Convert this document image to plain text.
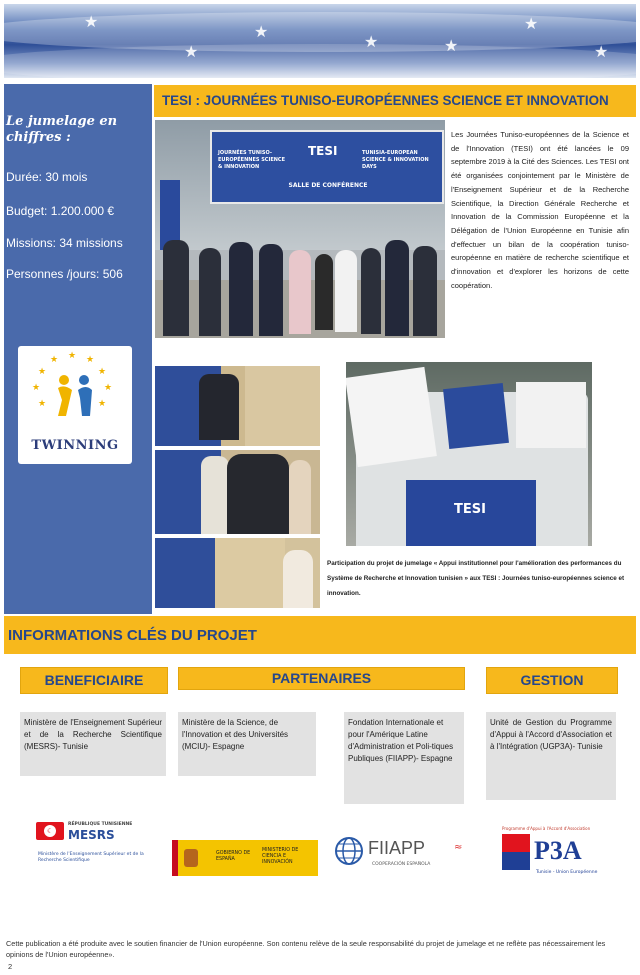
★
★
★
★	★
★
★
Le jumelage en chiffres :
Durée: 30 mois
Budget: 1.200.000 €
Missions: 34 missions
Personnes /jours: 506
★
★
★ ★ ★
★
★
★
★
TWINNING
TESI : JOURNÉES TUNISO-EUROPÉENNES SCIENCE ET INNOVATION
JOURNÉES TUNISO-EUROPÉENNES SCIENCE & INNOVATION
TESI	TUNISIA-EUROPEAN SCIENCE & INNOVATION DAYS
SALLE DE CONFÉRENCE
Les Journées Tuniso-européennes de la Science et de l'Innovation (TESI) ont été lancées le 09 septembre 2019 à la Cité des Sciences. Les TESI ont été organisées conjointement par le Ministère de l'Enseignement Supérieur et de la Recherche Scientifique, la Direction Générale Recherche et Innovation de la Commission Européenne et la Délégation de l'Union Européenne en Tunisie afin d'effectuer un bilan de la coopération tuniso-européenne en matière de recherche scientifique et d'innovation et d'explorer les horizons de cette coopération.
TESI
Participation du projet de jumelage « Appui institutionnel pour l'amélioration des performances du Système de Recherche et Innovation tunisien » aux TESI : Journées tuniso-européennes science et innovation.
INFORMATIONS CLÉS DU PROJET
BENEFICIAIRE	PARTENAIRES	GESTION
Ministère de l'Enseignement Supérieur et de la Recherche Scientifique (MESRS)- Tunisie
Ministère de la Science, de l'Innovation et des Universités (MCIU)- Espagne
Fondation Internationale et pour l'Amérique Latine d'Administration et Poli-tiques Publiques (FIIAPP)- Espagne
Unité de Gestion du Programme d'Appui à l'Accord d'Association et à l'Intégration (UGP3A)- Tunisie
☾
RÉPUBLIQUE TUNISIENNE
MESRS
Ministère de l'Enseignement Supérieur et de la Recherche Scientifique
GOBIERNO DE ESPAÑA
MINISTERIO DE CIENCIA E INNOVACIÓN
FIIAPP
COOPERACIÓN ESPAÑOLA
≈
Programme d'Appui à l'Accord d'Association
P3A
Tunisie - Union Européenne
Cette publication a été produite avec le soutien financier de l'Union européenne. Son contenu relève de la seule responsabilité du projet de jumelage et ne reflète pas nécessairement les opinions de l'Union européenne».
2
